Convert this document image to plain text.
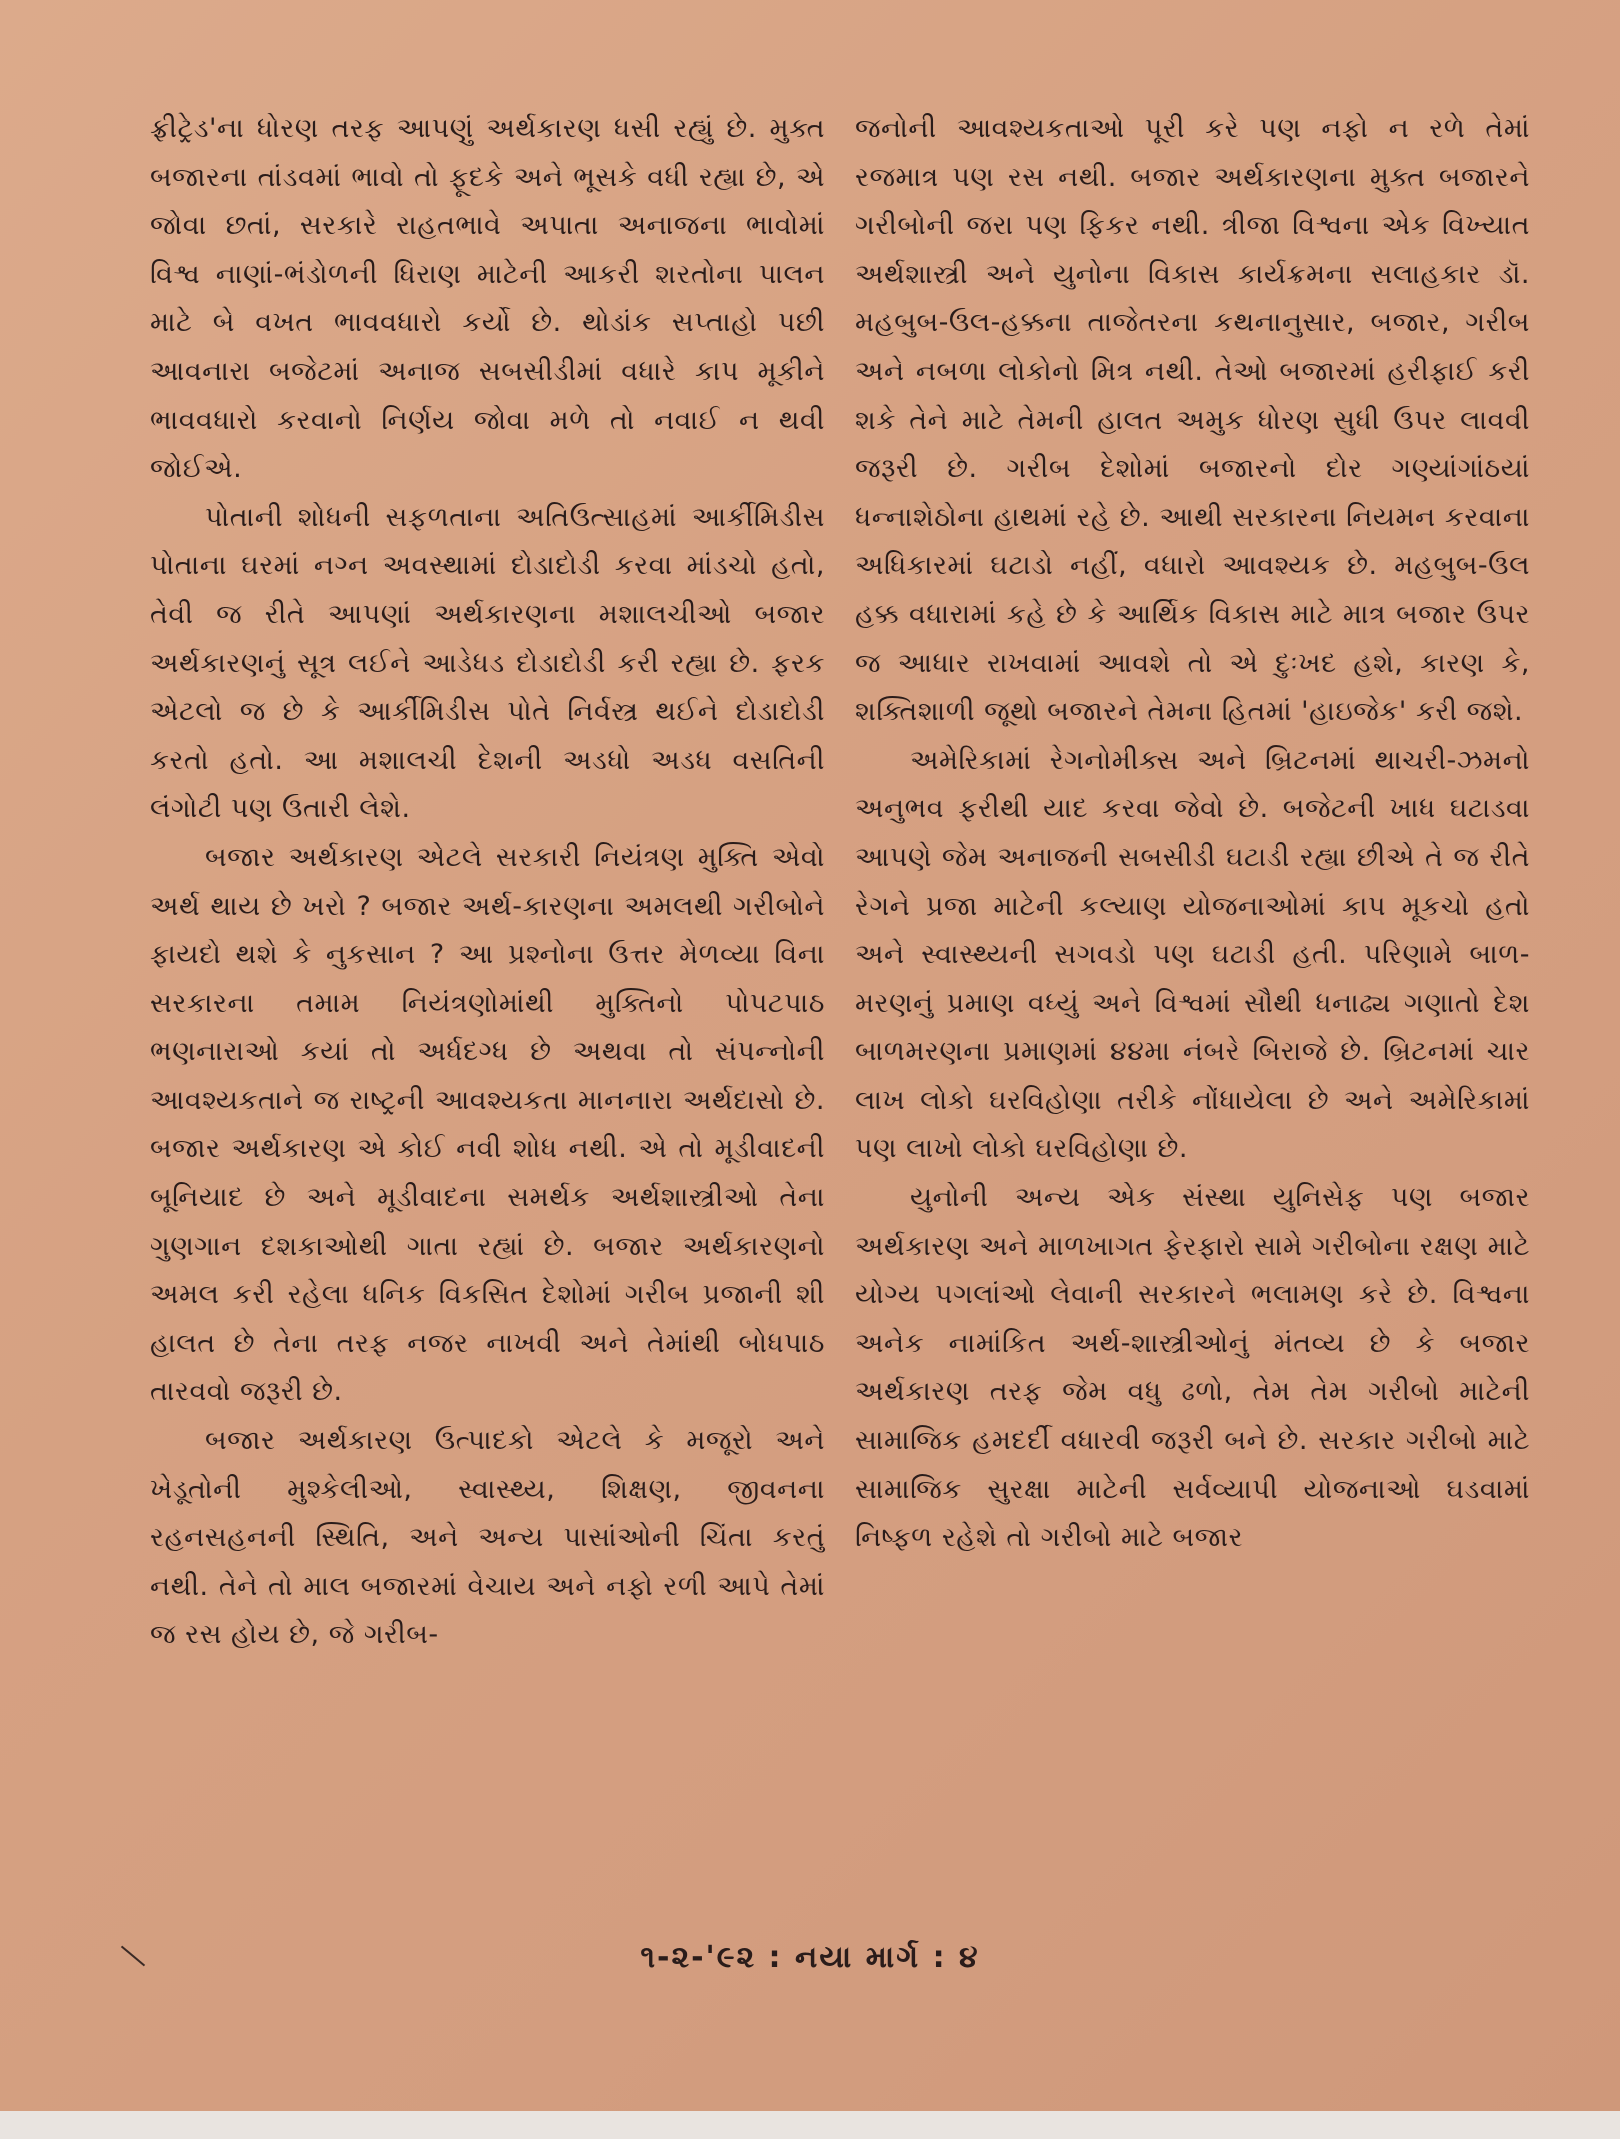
ફ્રીટ્રેડ'ના ધોરણ તરફ આપણું અર્થકારણ ધસી રહ્યું છે. મુક્ત બજારના તાંડવમાં ભાવો તો ફૂદકે અને ભૂસકે વધી રહ્યા છે, એ જોવા છતાં, સરકારે રાહતભાવે અપાતા અનાજના ભાવોમાં વિશ્વ નાણાં-ભંડોળની ધિરાણ માટેની આકરી શરતોના પાલન માટે બે વખત ભાવવધારો કર્યો છે. થોડાંક સપ્તાહો પછી આવનારા બજેટમાં અનાજ સબસીડીમાં વધારે કાપ મૂકીને ભાવવધારો કરવાનો નિર્ણય જોવા મળે તો નવાઈ ન થવી જોઈએ.

પોતાની શોધની સફળતાના અતિઉત્સાહમાં આર્કીમિડીસ પોતાના ઘરમાં નગ્ન અવસ્થામાં દોડાદોડી કરવા માંડચો હતો, તેવી જ રીતે આપણાં અર્થકારણના મશાલચીઓ બજાર અર્થકારણનું સૂત્ર લઈને આડેધડ દોડાદોડી કરી રહ્યા છે. ફરક એટલો જ છે કે આર્કીમિડીસ પોતે નિર્વસ્ત્ર થઈને દોડાદોડી કરતો હતો. આ મશાલચી દેશની અડધો અડધ વસતિની લંગોટી પણ ઉતારી લેશે.

બજાર અર્થકારણ એટલે સરકારી નિયંત્રણ મુક્તિ એવો અર્થ થાય છે ખરો ? બજાર અર્થ-કારણના અમલથી ગરીબોને ફાયદો થશે કે નુકસાન ? આ પ્રશ્નોના ઉત્તર મેળવ્યા વિના સરકારના તમામ નિયંત્રણોમાંથી મુક્તિનો પોપટપાઠ ભણનારાઓ કયાં તો અર્ધદગ્ધ છે અથવા તો સંપન્નોની આવશ્યકતાને જ રાષ્ટ્રની આવશ્યકતા માનનારા અર્થદાસો છે. બજાર અર્થકારણ એ કોઈ નવી શોધ નથી. એ તો મૂડીવાદની બૂનિયાદ છે અને મૂડીવાદના સમર્થક અર્થશાસ્ત્રીઓ તેના ગુણગાન દશકાઓથી ગાતા રહ્યાં છે. બજાર અર્થકારણનો અમલ કરી રહેલા ધનિક વિકસિત દેશોમાં ગરીબ પ્રજાની શી હાલત છે તેના તરફ નજર નાખવી અને તેમાંથી બોધપાઠ તારવવો જરૂરી છે.

બજાર અર્થકારણ ઉત્પાદકો એટલે કે મજૂરો અને ખેડૂતોની મુશ્કેલીઓ, સ્વાસ્થ્ય, શિક્ષણ, જીવનના રહનસહનની સ્થિતિ, અને અન્ય પાસાંઓની ચિંતા કરતું નથી. તેને તો માલ બજારમાં વેચાય અને નફો રળી આપે તેમાં જ રસ હોય છે, જે ગરીબ-

જનોની આવશ્યકતાઓ પૂરી કરે પણ નફો ન રળે તેમાં રજમાત્ર પણ રસ નથી. બજાર અર્થકારણના મુક્ત બજારને ગરીબોની જરા પણ ફિકર નથી. ત્રીજા વિશ્વના એક વિખ્યાત અર્થશાસ્ત્રી અને યુનોના વિકાસ કાર્યક્રમના સલાહકાર ડૉ. મહબુબ-ઉલ-હક્કના તાજેતરના કથનાનુસાર, બજાર, ગરીબ અને નબળા લોકોનો મિત્ર નથી. તેઓ બજારમાં હરીફાઈ કરી શકે તેને માટે તેમની હાલત અમુક ધોરણ સુધી ઉપર લાવવી જરૂરી છે. ગરીબ દેશોમાં બજારનો દોર ગણ્યાંગાંઠયાં ધન્નાશેઠોના હાથમાં રહે છે. આથી સરકારના નિયમન કરવાના અધિકારમાં ઘટાડો નહીં, વધારો આવશ્યક છે. મહબુબ-ઉલ હક્ક વધારામાં કહે છે કે આર્થિક વિકાસ માટે માત્ર બજાર ઉપર જ આધાર રાખવામાં આવશે તો એ દુઃખદ હશે, કારણ કે, શક્તિશાળી જૂથો બજારને તેમના હિતમાં 'હાઇજેક' કરી જશે.

અમેરિકામાં રેગનોમીક્સ અને બ્રિટનમાં થાચરી-ઝમનો અનુભવ ફરીથી યાદ કરવા જેવો છે. બજેટની ખાધ ઘટાડવા આપણે જેમ અનાજની સબસીડી ઘટાડી રહ્યા છીએ તે જ રીતે રેગને પ્રજા માટેની કલ્યાણ યોજનાઓમાં કાપ મૂકચો હતો અને સ્વાસ્થ્યની સગવડો પણ ઘટાડી હતી. પરિણામે બાળ-મરણનું પ્રમાણ વધ્યું અને વિશ્વમાં સૌથી ધનાઢ્ય ગણાતો દેશ બાળમરણના પ્રમાણમાં ૪૪મા નંબરે બિરાજે છે. બ્રિટનમાં ચાર લાખ લોકો ઘરવિહોણા તરીકે નોંધાયેલા છે અને અમેરિકામાં પણ લાખો લોકો ઘરવિહોણા છે.

યુનોની અન્ય એક સંસ્થા યુનિસેફ પણ બજાર અર્થકારણ અને માળખાગત ફેરફારો સામે ગરીબોના રક્ષણ માટે યોગ્ય પગલાંઓ લેવાની સરકારને ભલામણ કરે છે. વિશ્વના અનેક નામાંકિત અર્થ-શાસ્ત્રીઓનું મંતવ્ય છે કે બજાર અર્થકારણ તરફ જેમ વધુ ઢળો, તેમ તેમ ગરીબો માટેની સામાજિક હમદર્દી વધારવી જરૂરી બને છે. સરકાર ગરીબો માટે સામાજિક સુરક્ષા માટેની સર્વવ્યાપી યોજનાઓ ઘડવામાં નિષ્ફળ રહેશે તો ગરીબો માટે બજાર

૧-૨-'૯૨ : નયા માર્ગ : ૪
